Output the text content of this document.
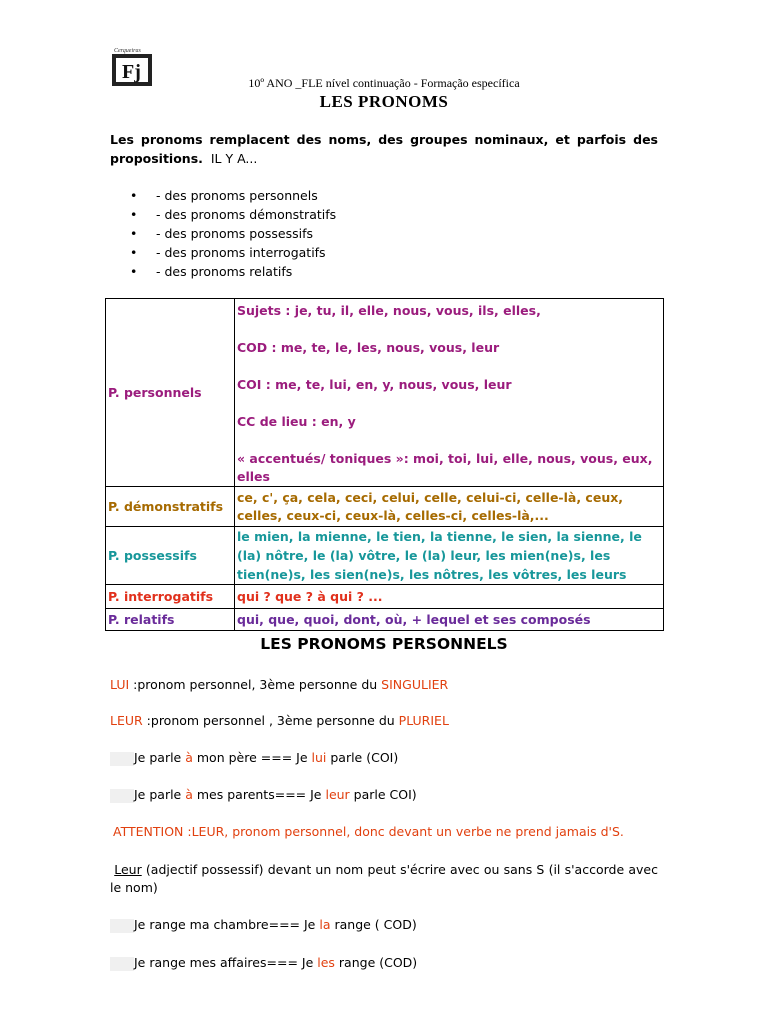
Fj
Cerqueiras
10º ANO _FLE nível continuação - Formação específica
LES PRONOMS
Les pronoms remplacent des noms, des groupes nominaux, et parfois des propositions. IL Y A...
• - des pronoms personnels
• - des pronoms démonstratifs
• - des pronoms possessifs
• - des pronoms interrogatifs
• - des pronoms relatifs
P. personnels	Sujets : je, tu, il, elle, nous, vous, ils, elles,
COD : me, te, le, les, nous, vous, leur
COI : me, te, lui, en, y, nous, vous, leur
CC de lieu : en, y
« accentués/ toniques »: moi, toi, lui, elle, nous, vous, eux, elles

P. démonstratifs	ce, c', ça, cela, ceci, celui, celle, celui-ci, celle-là, ceux, celles, ceux-ci, ceux-là, celles-ci, celles-là,...
P. possessifs	le mien, la mienne, le tien, la tienne, le sien, la sienne, le (la) nôtre, le (la) vôtre, le (la) leur, les mien(ne)s, les tien(ne)s, les sien(ne)s, les nôtres, les vôtres, les leurs
P. interrogatifs	qui ? que ? à qui ? ...
P. relatifs	qui, que, quoi, dont, où, + lequel et ses composés
LES PRONOMS PERSONNELS
LUI :pronom personnel, 3ème personne du SINGULIER
LEUR :pronom personnel , 3ème personne du PLURIEL
Je parle à mon père === Je lui parle (COI)
Je parle à mes parents=== Je leur parle COI)
ATTENTION :LEUR, pronom personnel, donc devant un verbe ne prend jamais d'S.
Leur (adjectif possessif) devant un nom peut s'écrire avec ou sans S (il s'accorde avec le nom)
Je range ma chambre=== Je la range ( COD)
Je range mes affaires=== Je les range (COD)
